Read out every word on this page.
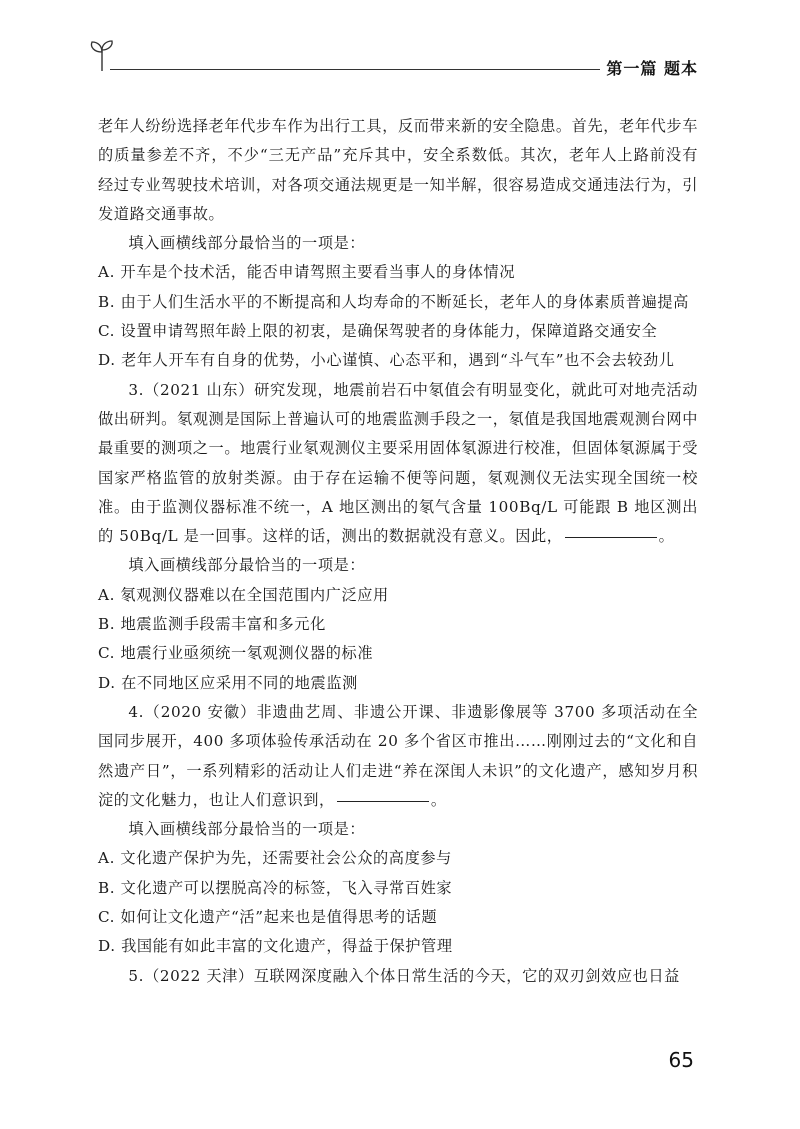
第一篇 题本

老年人纷纷选择老年代步车作为出行工具，反而带来新的安全隐患。首先，老年代步车的质量参差不齐，不少“三无产品”充斥其中，安全系数低。其次，老年人上路前没有经过专业驾驶技术培训，对各项交通法规更是一知半解，很容易造成交通违法行为，引发道路交通事故。

填入画横线部分最恰当的一项是：

A. 开车是个技术活，能否申请驾照主要看当事人的身体情况

B. 由于人们生活水平的不断提高和人均寿命的不断延长，老年人的身体素质普遍提高

C. 设置申请驾照年龄上限的初衷，是确保驾驶者的身体能力，保障道路交通安全

D. 老年人开车有自身的优势，小心谨慎、心态平和，遇到“斗气车”也不会去较劲儿

3.（2021 山东）研究发现，地震前岩石中氡值会有明显变化，就此可对地壳活动做出研判。氡观测是国际上普遍认可的地震监测手段之一，氡值是我国地震观测台网中最重要的测项之一。地震行业氡观测仪主要采用固体氡源进行校准，但固体氡源属于受国家严格监管的放射类源。由于存在运输不便等问题，氡观测仪无法实现全国统一校准。由于监测仪器标准不统一，A 地区测出的氡气含量 100Bq/L 可能跟 B 地区测出的 50Bq/L 是一回事。这样的话，测出的数据就没有意义。因此，	。

填入画横线部分最恰当的一项是：

A. 氡观测仪器难以在全国范围内广泛应用

B. 地震监测手段需丰富和多元化

C. 地震行业亟须统一氡观测仪器的标准

D. 在不同地区应采用不同的地震监测

4.（2020 安徽）非遗曲艺周、非遗公开课、非遗影像展等 3700 多项活动在全国同步展开，400 多项体验传承活动在 20 多个省区市推出……刚刚过去的“文化和自然遗产日”，一系列精彩的活动让人们走进“养在深闺人未识”的文化遗产，感知岁月积淀的文化魅力，也让人们意识到，	。

填入画横线部分最恰当的一项是：

A. 文化遗产保护为先，还需要社会公众的高度参与

B. 文化遗产可以摆脱高冷的标签，飞入寻常百姓家

C. 如何让文化遗产“活”起来也是值得思考的话题

D. 我国能有如此丰富的文化遗产，得益于保护管理

5.（2022 天津）互联网深度融入个体日常生活的今天，它的双刃剑效应也日益

65
